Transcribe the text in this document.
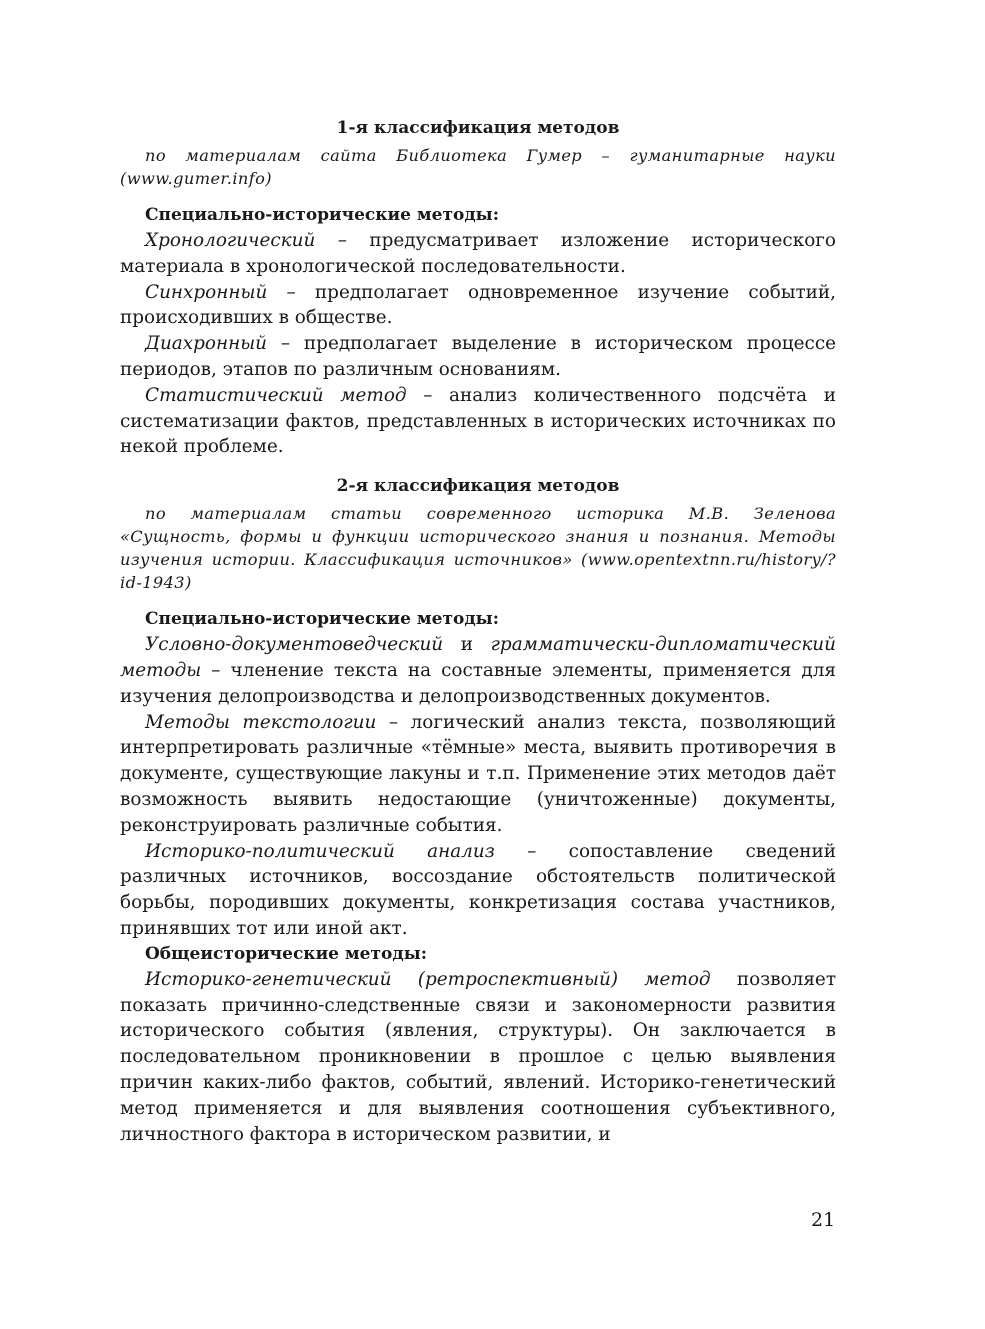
1-я классификация методов

по материалам сайта Библиотека Гумер – гуманитарные науки (www.gumer.info)

Специально-исторические методы:

Хронологический – предусматривает изложение исторического материала в хронологической последовательности.

Синхронный – предполагает одновременное изучение событий, происходивших в обществе.

Диахронный – предполагает выделение в историческом процессе периодов, этапов по различным основаниям.

Статистический метод – анализ количественного подсчёта и систематизации фактов, представленных в исторических источниках по некой проблеме.

2-я классификация методов

по материалам статьи современного историка М.В. Зеленова «Сущность, формы и функции исторического знания и познания. Методы изучения истории. Классификация источников» (www.opentextnn.ru/history/?id-1943)

Специально-исторические методы:

Условно-документоведческий и грамматически-дипломатический методы – членение текста на составные элементы, применяется для изучения делопроизводства и делопроизводственных документов.

Методы текстологии – логический анализ текста, позволяющий интерпретировать различные «тёмные» места, выявить противоречия в документе, существующие лакуны и т.п. Применение этих методов даёт возможность выявить недостающие (уничтоженные) документы, реконструировать различные события.

Историко-политический анализ – сопоставление сведений различных источников, воссоздание обстоятельств политической борьбы, породивших документы, конкретизация состава участников, принявших тот или иной акт.

Общеисторические методы:

Историко-генетический (ретроспективный) метод позволяет показать причинно-следственные связи и закономерности развития исторического события (явления, структуры). Он заключается в последовательном проникновении в прошлое с целью выявления причин каких-либо фактов, событий, явлений. Историко-генетический метод применяется и для выявления соотношения субъективного, личностного фактора в историческом развитии, и

21
